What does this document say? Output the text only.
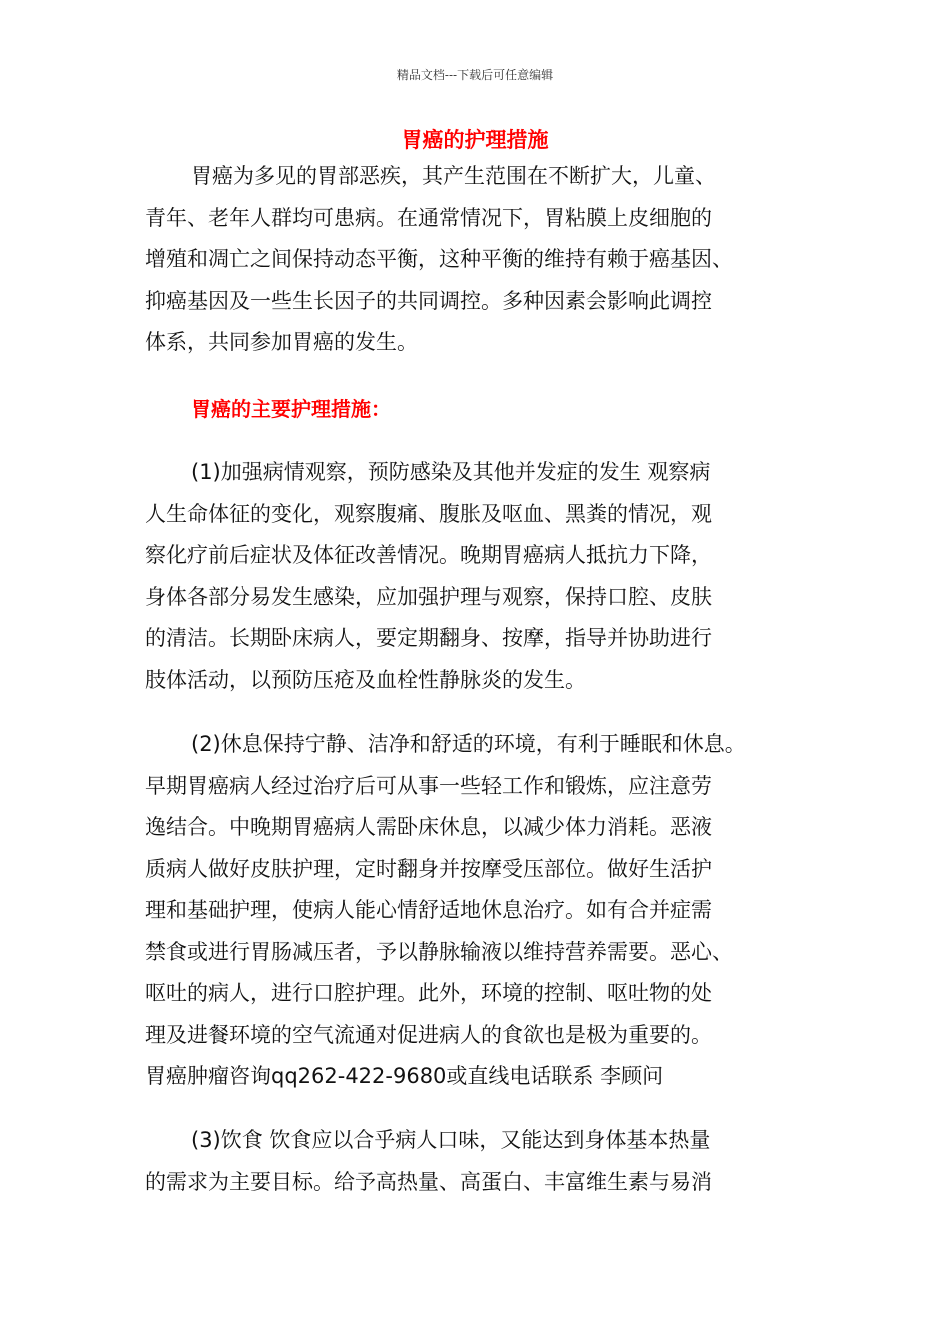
精品文档---下载后可任意编辑
胃癌的护理措施

胃癌为多见的胃部恶疾，其产生范围在不断扩大，儿童、
青年、老年人群均可患病。在通常情况下，胃粘膜上皮细胞的
增殖和凋亡之间保持动态平衡，这种平衡的维持有赖于癌基因、
抑癌基因及一些生长因子的共同调控。多种因素会影响此调控
体系，共同参加胃癌的发生。

胃癌的主要护理措施：

(1)加强病情观察，预防感染及其他并发症的发生 观察病
人生命体征的变化，观察腹痛、腹胀及呕血、黑粪的情况，观
察化疗前后症状及体征改善情况。晚期胃癌病人抵抗力下降，
身体各部分易发生感染，应加强护理与观察，保持口腔、皮肤
的清洁。长期卧床病人，要定期翻身、按摩，指导并协助进行
肢体活动，以预防压疮及血栓性静脉炎的发生。

(2)休息保持宁静、洁净和舒适的环境，有利于睡眠和休息。
早期胃癌病人经过治疗后可从事一些轻工作和锻炼，应注意劳
逸结合。中晚期胃癌病人需卧床休息，以减少体力消耗。恶液
质病人做好皮肤护理，定时翻身并按摩受压部位。做好生活护
理和基础护理，使病人能心情舒适地休息治疗。如有合并症需
禁食或进行胃肠减压者，予以静脉输液以维持营养需要。恶心、
呕吐的病人，进行口腔护理。此外，环境的控制、呕吐物的处
理及进餐环境的空气流通对促进病人的食欲也是极为重要的。
胃癌肿瘤咨询qq262-422-9680或直线电话联系 李顾问

(3)饮食 饮食应以合乎病人口味，又能达到身体基本热量
的需求为主要目标。给予高热量、高蛋白、丰富维生素与易消
